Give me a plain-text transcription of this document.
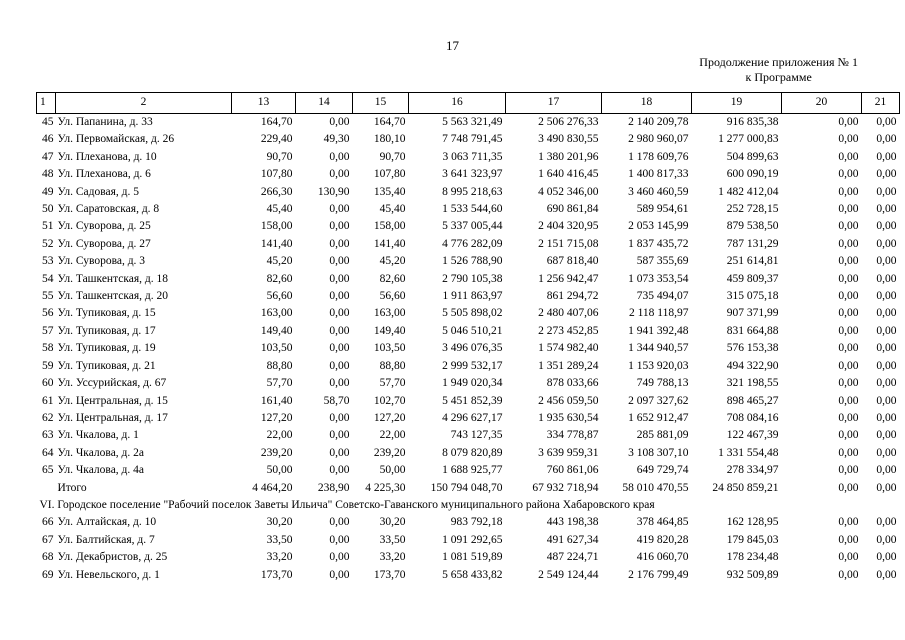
17
Продолжение приложения № 1
к Программе
1	2	13	14	15	16	17	18	19	20	21
45	Ул. Папанина, д. 33	164,70	0,00	164,70	5 563 321,49	2 506 276,33	2 140 209,78	916 835,38	0,00	0,00
46	Ул. Первомайская, д. 26	229,40	49,30	180,10	7 748 791,45	3 490 830,55	2 980 960,07	1 277 000,83	0,00	0,00
47	Ул. Плеханова, д. 10	90,70	0,00	90,70	3 063 711,35	1 380 201,96	1 178 609,76	504 899,63	0,00	0,00
48	Ул. Плеханова, д. 6	107,80	0,00	107,80	3 641 323,97	1 640 416,45	1 400 817,33	600 090,19	0,00	0,00
49	Ул. Садовая, д. 5	266,30	130,90	135,40	8 995 218,63	4 052 346,00	3 460 460,59	1 482 412,04	0,00	0,00
50	Ул. Саратовская, д. 8	45,40	0,00	45,40	1 533 544,60	690 861,84	589 954,61	252 728,15	0,00	0,00
51	Ул. Суворова, д. 25	158,00	0,00	158,00	5 337 005,44	2 404 320,95	2 053 145,99	879 538,50	0,00	0,00
52	Ул. Суворова, д. 27	141,40	0,00	141,40	4 776 282,09	2 151 715,08	1 837 435,72	787 131,29	0,00	0,00
53	Ул. Суворова, д. 3	45,20	0,00	45,20	1 526 788,90	687 818,40	587 355,69	251 614,81	0,00	0,00
54	Ул. Ташкентская, д. 18	82,60	0,00	82,60	2 790 105,38	1 256 942,47	1 073 353,54	459 809,37	0,00	0,00
55	Ул. Ташкентская, д. 20	56,60	0,00	56,60	1 911 863,97	861 294,72	735 494,07	315 075,18	0,00	0,00
56	Ул. Тупиковая, д. 15	163,00	0,00	163,00	5 505 898,02	2 480 407,06	2 118 118,97	907 371,99	0,00	0,00
57	Ул. Тупиковая, д. 17	149,40	0,00	149,40	5 046 510,21	2 273 452,85	1 941 392,48	831 664,88	0,00	0,00
58	Ул. Тупиковая, д. 19	103,50	0,00	103,50	3 496 076,35	1 574 982,40	1 344 940,57	576 153,38	0,00	0,00
59	Ул. Тупиковая, д. 21	88,80	0,00	88,80	2 999 532,17	1 351 289,24	1 153 920,03	494 322,90	0,00	0,00
60	Ул. Уссурийская, д. 67	57,70	0,00	57,70	1 949 020,34	878 033,66	749 788,13	321 198,55	0,00	0,00
61	Ул. Центральная, д. 15	161,40	58,70	102,70	5 451 852,39	2 456 059,50	2 097 327,62	898 465,27	0,00	0,00
62	Ул. Центральная, д. 17	127,20	0,00	127,20	4 296 627,17	1 935 630,54	1 652 912,47	708 084,16	0,00	0,00
63	Ул. Чкалова, д. 1	22,00	0,00	22,00	743 127,35	334 778,87	285 881,09	122 467,39	0,00	0,00
64	Ул. Чкалова, д. 2а	239,20	0,00	239,20	8 079 820,89	3 639 959,31	3 108 307,10	1 331 554,48	0,00	0,00
65	Ул. Чкалова, д. 4а	50,00	0,00	50,00	1 688 925,77	760 861,06	649 729,74	278 334,97	0,00	0,00
	Итого	4 464,20	238,90	4 225,30	150 794 048,70	67 932 718,94	58 010 470,55	24 850 859,21	0,00	0,00
VI. Городское поселение "Рабочий поселок Заветы Ильича" Советско-Гаванского муниципального района Хабаровского края										
66	Ул. Алтайская, д. 10	30,20	0,00	30,20	983 792,18	443 198,38	378 464,85	162 128,95	0,00	0,00
67	Ул. Балтийская, д. 7	33,50	0,00	33,50	1 091 292,65	491 627,34	419 820,28	179 845,03	0,00	0,00
68	Ул. Декабристов, д. 25	33,20	0,00	33,20	1 081 519,89	487 224,71	416 060,70	178 234,48	0,00	0,00
69	Ул. Невельского, д. 1	173,70	0,00	173,70	5 658 433,82	2 549 124,44	2 176 799,49	932 509,89	0,00	0,00
